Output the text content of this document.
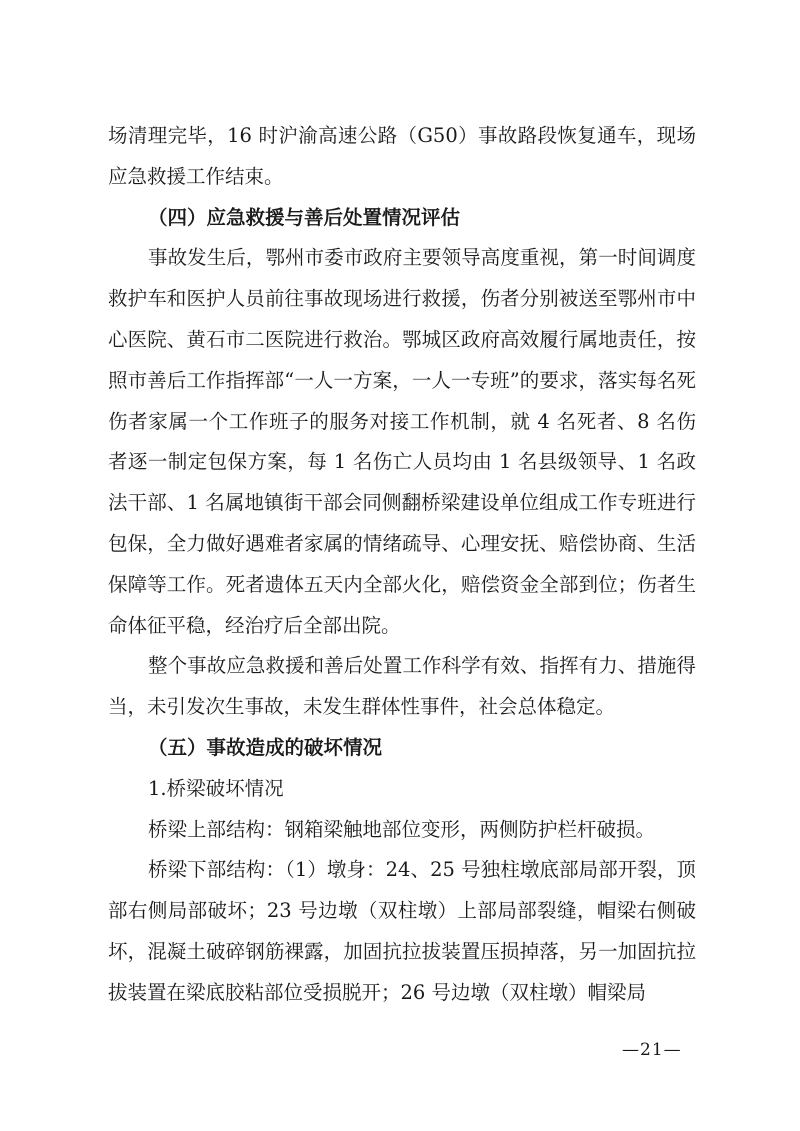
场清理完毕，16 时沪渝高速公路（G50）事故路段恢复通车，现场应急救援工作结束。

（四）应急救援与善后处置情况评估

事故发生后，鄂州市委市政府主要领导高度重视，第一时间调度救护车和医护人员前往事故现场进行救援，伤者分别被送至鄂州市中心医院、黄石市二医院进行救治。鄂城区政府高效履行属地责任，按照市善后工作指挥部“一人一方案，一人一专班”的要求，落实每名死伤者家属一个工作班子的服务对接工作机制，就 4 名死者、8 名伤者逐一制定包保方案，每 1 名伤亡人员均由 1 名县级领导、1 名政法干部、1 名属地镇街干部会同侧翻桥梁建设单位组成工作专班进行包保，全力做好遇难者家属的情绪疏导、心理安抚、赔偿协商、生活保障等工作。死者遗体五天内全部火化，赔偿资金全部到位；伤者生命体征平稳，经治疗后全部出院。

整个事故应急救援和善后处置工作科学有效、指挥有力、措施得当，未引发次生事故，未发生群体性事件，社会总体稳定。

（五）事故造成的破坏情况

1.桥梁破坏情况

桥梁上部结构：钢箱梁触地部位变形，两侧防护栏杆破损。

桥梁下部结构：（1）墩身：24、25 号独柱墩底部局部开裂，顶部右侧局部破坏；23 号边墩（双柱墩）上部局部裂缝，帽梁右侧破坏，混凝土破碎钢筋裸露，加固抗拉拔装置压损掉落，另一加固抗拉拔装置在梁底胶粘部位受损脱开；26 号边墩（双柱墩）帽梁局

—21—
